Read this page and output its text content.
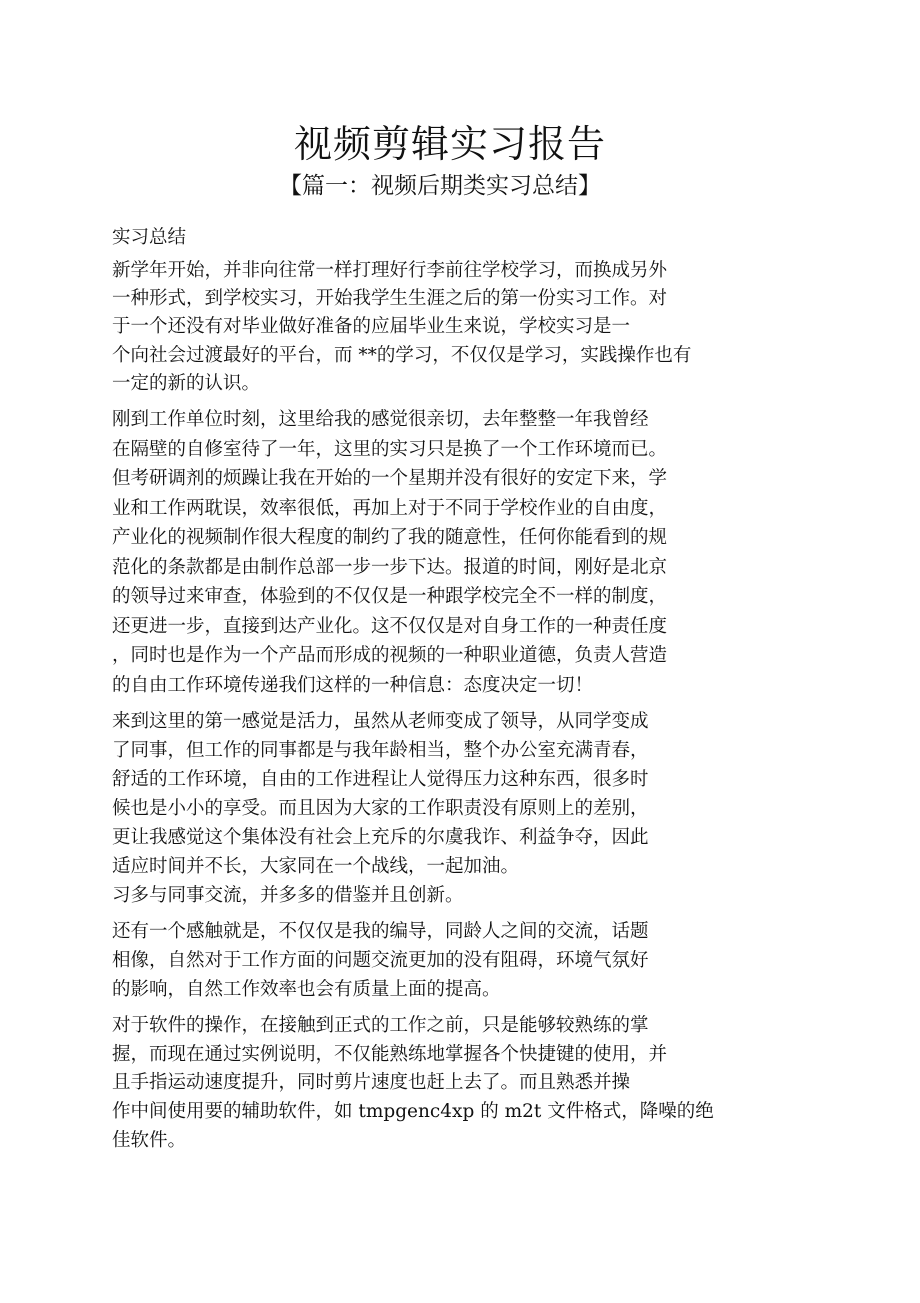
视频剪辑实习报告
【篇一：视频后期类实习总结】
实习总结
新学年开始，并非向往常一样打理好行李前往学校学习，而换成另外
一种形式，到学校实习，开始我学生生涯之后的第一份实习工作。对
于一个还没有对毕业做好准备的应届毕业生来说，学校实习是一
个向社会过渡最好的平台，而 **的学习，不仅仅是学习，实践操作也有
一定的新的认识。
刚到工作单位时刻，这里给我的感觉很亲切，去年整整一年我曾经
在隔壁的自修室待了一年，这里的实习只是换了一个工作环境而已。
但考研调剂的烦躁让我在开始的一个星期并没有很好的安定下来，学
业和工作两耽误，效率很低，再加上对于不同于学校作业的自由度，
产业化的视频制作很大程度的制约了我的随意性，任何你能看到的规
范化的条款都是由制作总部一步一步下达。报道的时间，刚好是北京
的领导过来审查，体验到的不仅仅是一种跟学校完全不一样的制度，
还更进一步，直接到达产业化。这不仅仅是对自身工作的一种责任度
，同时也是作为一个产品而形成的视频的一种职业道德，负责人营造
的自由工作环境传递我们这样的一种信息：态度决定一切！
来到这里的第一感觉是活力，虽然从老师变成了领导，从同学变成
了同事，但工作的同事都是与我年龄相当，整个办公室充满青春，
舒适的工作环境，自由的工作进程让人觉得压力这种东西，很多时
候也是小小的享受。而且因为大家的工作职责没有原则上的差别，
更让我感觉这个集体没有社会上充斥的尔虞我诈、利益争夺，因此
适应时间并不长，大家同在一个战线，一起加油。
习多与同事交流，并多多的借鉴并且创新。
还有一个感触就是，不仅仅是我的编导，同龄人之间的交流，话题
相像，自然对于工作方面的问题交流更加的没有阻碍，环境气氛好
的影响，自然工作效率也会有质量上面的提高。
对于软件的操作，在接触到正式的工作之前，只是能够较熟练的掌
握，而现在通过实例说明，不仅能熟练地掌握各个快捷键的使用，并
且手指运动速度提升，同时剪片速度也赶上去了。而且熟悉并操
作中间使用要的辅助软件，如 tmpgenc4xp 的 m2t 文件格式，降噪的绝
佳软件。
